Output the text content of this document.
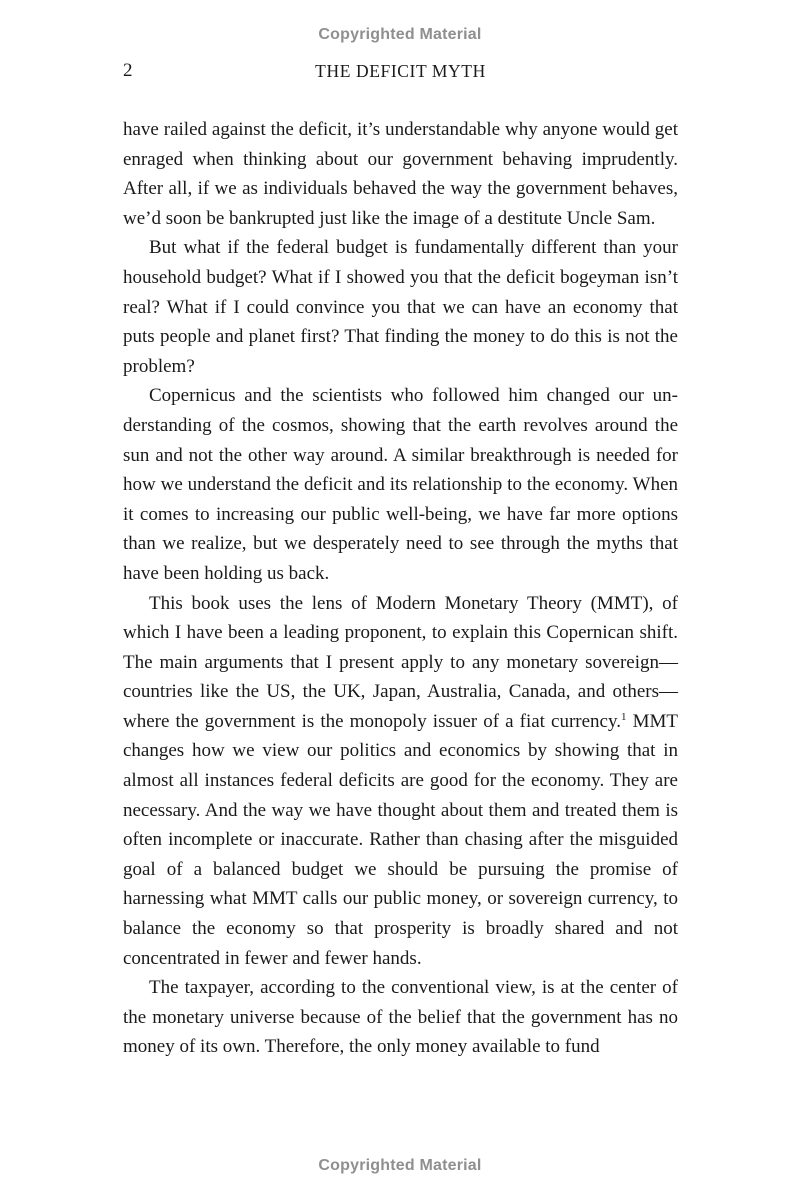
Copyrighted Material
2	THE DEFICIT MYTH

have railed against the deficit, it’s understandable why anyone would get enraged when thinking about our government behaving imprudently. After all, if we as individuals behaved the way the government behaves, we’d soon be bankrupted just like the image of a destitute Uncle Sam.

But what if the federal budget is fundamentally different than your household budget? What if I showed you that the deficit bogeyman isn’t real? What if I could convince you that we can have an economy that puts people and planet first? That finding the money to do this is not the problem?

Copernicus and the scientists who followed him changed our understanding of the cosmos, showing that the earth revolves around the sun and not the other way around. A similar breakthrough is needed for how we understand the deficit and its relationship to the economy. When it comes to increasing our public well-being, we have far more options than we realize, but we desperately need to see through the myths that have been holding us back.

This book uses the lens of Modern Monetary Theory (MMT), of which I have been a leading proponent, to explain this Copernican shift. The main arguments that I present apply to any monetary sovereign—countries like the US, the UK, Japan, Australia, Canada, and others—where the government is the monopoly issuer of a fiat currency.$^1$ MMT changes how we view our politics and economics by showing that in almost all instances federal deficits are good for the economy. They are necessary. And the way we have thought about them and treated them is often incomplete or inaccurate. Rather than chasing after the misguided goal of a balanced budget we should be pursuing the promise of harnessing what MMT calls our public money, or sovereign currency, to balance the economy so that prosperity is broadly shared and not concentrated in fewer and fewer hands.

The taxpayer, according to the conventional view, is at the center of the monetary universe because of the belief that the government has no money of its own. Therefore, the only money available to fund

Copyrighted Material
